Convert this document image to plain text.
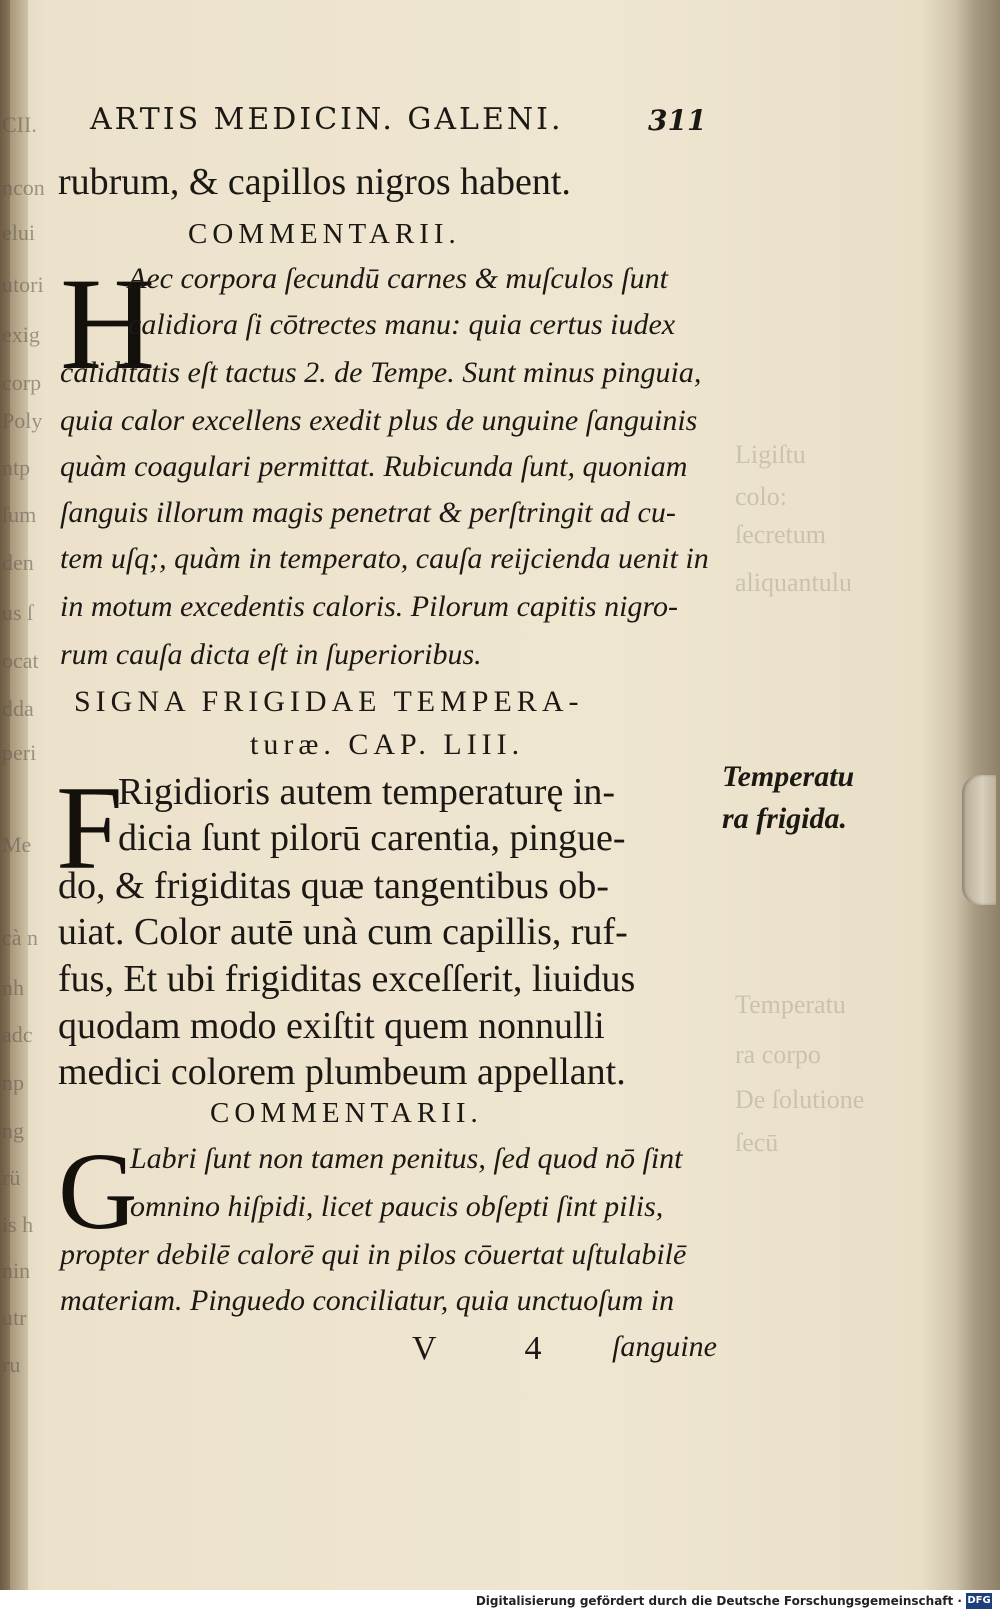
CII.
ncon
elui
utori
exig
corp
Poly
ntp
ſum
den
us ſ
ocat
dda
peri
Me
cà n
nh
adc
np
ng
rü
is h
nin
utr
ru
Ligiſtu
colo:
ſecretum
aliquantulu
Temperatu
ra corpo
De ſolutione
ſecū
ARTIS MEDICIN. GALENI.	311
rubrum, & capillos nigros habent.
COMMENTARII.
H
Aec corpora ſecundū carnes & muſculos ſunt
calidiora ſi cōtrectes manu: quia certus iudex
caliditatis eſt tactus 2. de Tempe. Sunt minus pinguia,
quia calor excellens exedit plus de unguine ſanguinis
quàm coagulari permittat. Rubicunda ſunt, quoniam
ſanguis illorum magis penetrat & perſtringit ad cu-
tem uſq;, quàm in temperato, cauſa reijcienda uenit in
in motum excedentis caloris. Pilorum capitis nigro-
rum cauſa dicta eſt in ſuperioribus.
SIGNA FRIGIDAE TEMPERA-
turæ. CAP. LIII.
F
Rigidioris autem temperaturę in-
dicia ſunt pilorū carentia, pingue-
do, & frigiditas quæ tangentibus ob-
uiat. Color autē unà cum capillis, ruf-
fus, Et ubi frigiditas exceſſerit, liuidus
quodam modo exiſtit quem nonnulli
medici colorem plumbeum appellant.
Temperatu
ra frigida.
COMMENTARII.
G
Labri ſunt non tamen penitus, ſed quod nō ſint
omnino hiſpidi, licet paucis obſepti ſint pilis,
propter debilē calorē qui in pilos cōuertat uſtulabilē
materiam. Pinguedo conciliatur, quia unctuoſum in
V 4 ſanguine
Digitalisierung gefördert durch die Deutsche Forschungsgemeinschaft · DFG
